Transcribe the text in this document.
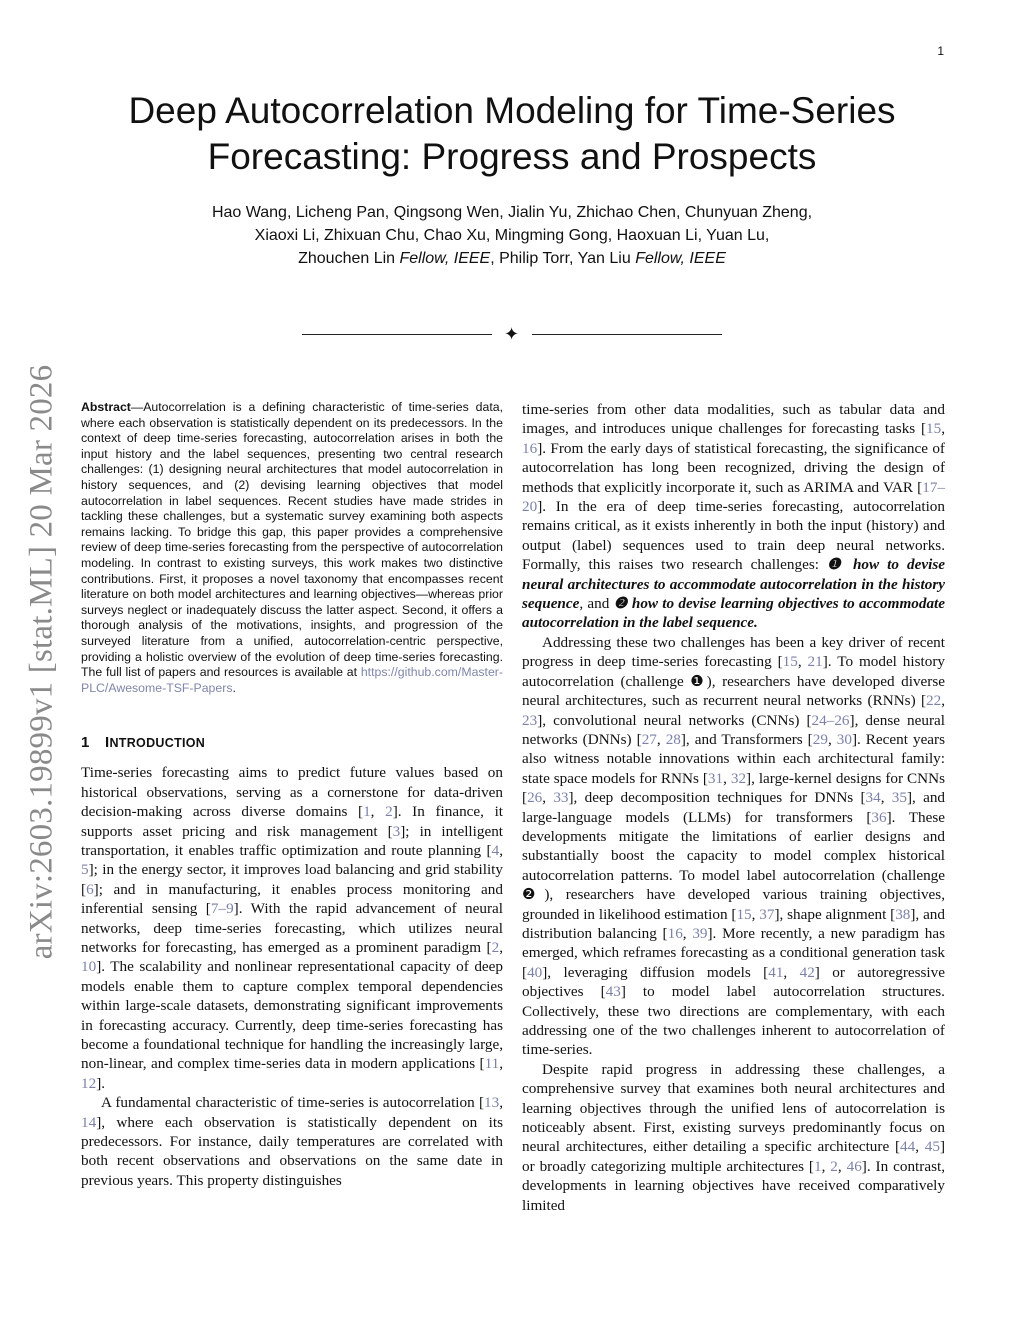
1
arXiv:2603.19899v1 [stat.ML] 20 Mar 2026
Deep Autocorrelation Modeling for Time-Series
Forecasting: Progress and Prospects
Hao Wang, Licheng Pan, Qingsong Wen, Jialin Yu, Zhichao Chen, Chunyuan Zheng,
Xiaoxi Li, Zhixuan Chu, Chao Xu, Mingming Gong, Haoxuan Li, Yuan Lu,
Zhouchen Lin Fellow, IEEE, Philip Torr, Yan Liu Fellow, IEEE
✦

Abstract—Autocorrelation is a defining characteristic of time-series data, where each observation is statistically dependent on its predecessors. In the context of deep time-series forecasting, autocorrelation arises in both the input history and the label sequences, presenting two central research challenges: (1) designing neural architectures that model autocorrelation in history sequences, and (2) devising learning objectives that model autocorrelation in label sequences. Recent studies have made strides in tackling these challenges, but a systematic survey examining both aspects remains lacking. To bridge this gap, this paper provides a comprehensive review of deep time-series forecasting from the perspective of autocorrelation modeling. In contrast to existing surveys, this work makes two distinctive contributions. First, it proposes a novel taxonomy that encompasses recent literature on both model architectures and learning objectives—whereas prior surveys neglect or inadequately discuss the latter aspect. Second, it offers a thorough analysis of the motivations, insights, and progression of the surveyed literature from a unified, autocorrelation-centric perspective, providing a holistic overview of the evolution of deep time-series forecasting. The full list of papers and resources is available at https://github.com/Master-PLC/Awesome-TSF-Papers.

1 INTRODUCTION

Time-series forecasting aims to predict future values based on historical observations, serving as a cornerstone for data-driven decision-making across diverse domains [1, 2]. In finance, it supports asset pricing and risk management [3]; in intelligent transportation, it enables traffic optimization and route planning [4, 5]; in the energy sector, it improves load balancing and grid stability [6]; and in manufacturing, it enables process monitoring and inferential sensing [7–9]. With the rapid advancement of neural networks, deep time-series forecasting, which utilizes neural networks for forecasting, has emerged as a prominent paradigm [2, 10]. The scalability and nonlinear representational capacity of deep models enable them to capture complex temporal dependencies within large-scale datasets, demonstrating significant improvements in forecasting accuracy. Currently, deep time-series forecasting has become a foundational technique for handling the increasingly large, non-linear, and complex time-series data in modern applications [11, 12].

A fundamental characteristic of time-series is autocorrelation [13, 14], where each observation is statistically dependent on its predecessors. For instance, daily temperatures are correlated with both recent observations and observations on the same date in previous years. This property distinguishes

time-series from other data modalities, such as tabular data and images, and introduces unique challenges for forecasting tasks [15, 16]. From the early days of statistical forecasting, the significance of autocorrelation has long been recognized, driving the design of methods that explicitly incorporate it, such as ARIMA and VAR [17–20]. In the era of deep time-series forecasting, autocorrelation remains critical, as it exists inherently in both the input (history) and output (label) sequences used to train deep neural networks. Formally, this raises two research challenges: ❶ how to devise neural architectures to accommodate autocorrelation in the history sequence, and ❷ how to devise learning objectives to accommodate autocorrelation in the label sequence.

Addressing these two challenges has been a key driver of recent progress in deep time-series forecasting [15, 21]. To model history autocorrelation (challenge ❶), researchers have developed diverse neural architectures, such as recurrent neural networks (RNNs) [22, 23], convolutional neural networks (CNNs) [24–26], dense neural networks (DNNs) [27, 28], and Transformers [29, 30]. Recent years also witness notable innovations within each architectural family: state space models for RNNs [31, 32], large-kernel designs for CNNs [26, 33], deep decomposition techniques for DNNs [34, 35], and large-language models (LLMs) for transformers [36]. These developments mitigate the limitations of earlier designs and substantially boost the capacity to model complex historical autocorrelation patterns. To model label autocorrelation (challenge ❷), researchers have developed various training objectives, grounded in likelihood estimation [15, 37], shape alignment [38], and distribution balancing [16, 39]. More recently, a new paradigm has emerged, which reframes forecasting as a conditional generation task [40], leveraging diffusion models [41, 42] or autoregressive objectives [43] to model label autocorrelation structures. Collectively, these two directions are complementary, with each addressing one of the two challenges inherent to autocorrelation of time-series.

Despite rapid progress in addressing these challenges, a comprehensive survey that examines both neural architectures and learning objectives through the unified lens of autocorrelation is noticeably absent. First, existing surveys predominantly focus on neural architectures, either detailing a specific architecture [44, 45] or broadly categorizing multiple architectures [1, 2, 46]. In contrast, developments in learning objectives have received comparatively limited
